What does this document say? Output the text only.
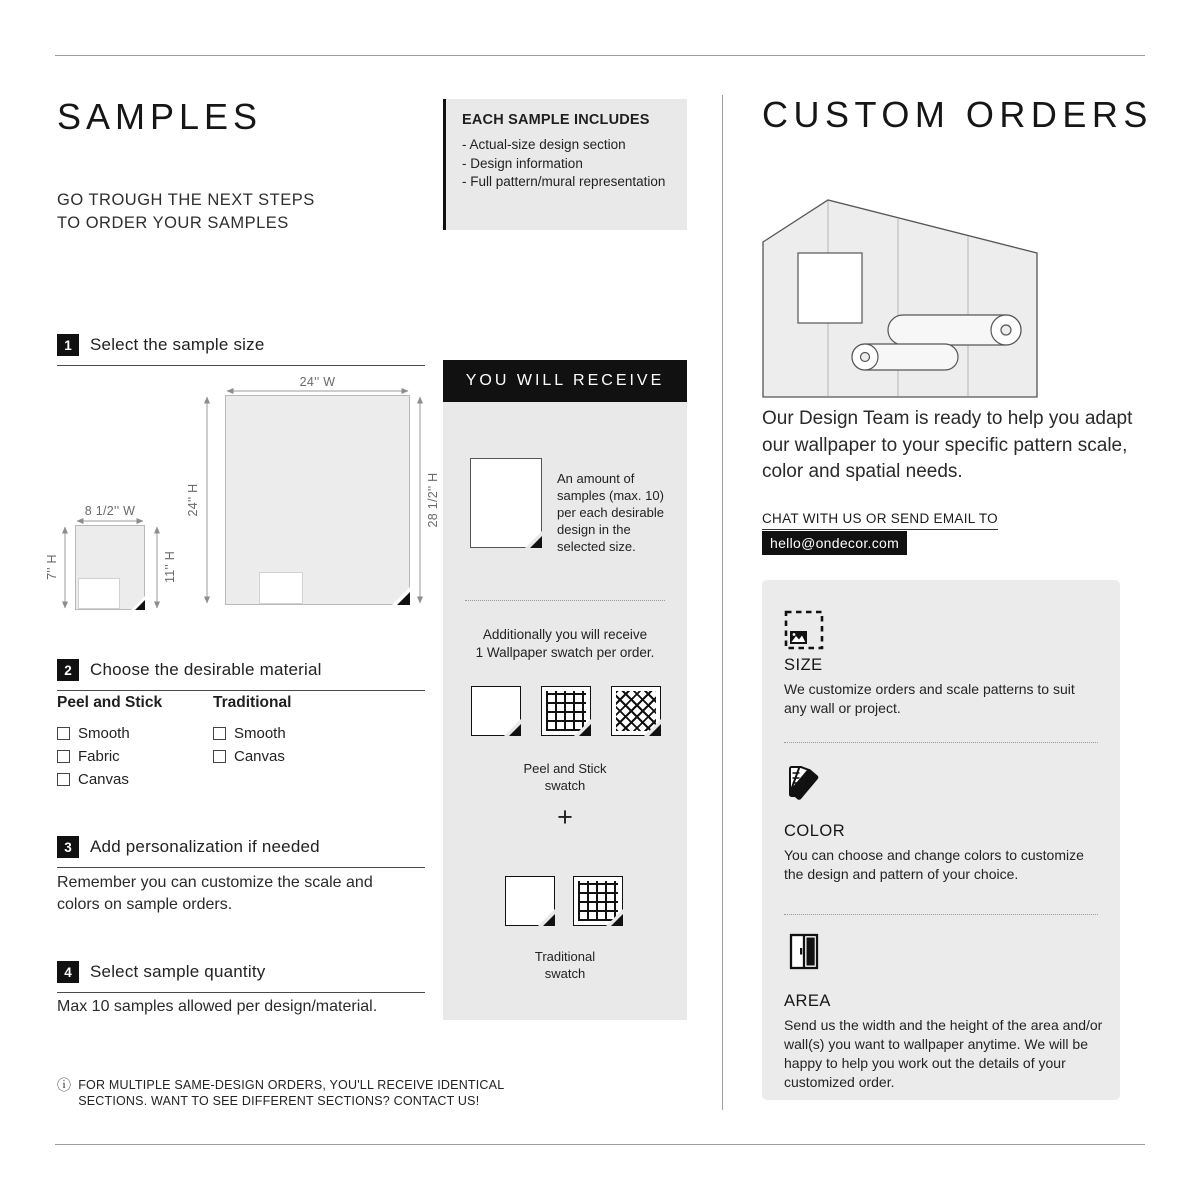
SAMPLES
GO TROUGH THE NEXT STEPS
TO ORDER YOUR SAMPLES
EACH SAMPLE INCLUDES
- Actual-size design section
- Design information
- Full pattern/mural representation
1	Select the sample size
24'' W
24'' H	28 1/2'' H
8 1/2'' W
7'' H	11'' H
2	Choose the desirable material
Peel and Stick
Smooth
Fabric
Canvas
Traditional
Smooth
Canvas
3	Add personalization if needed
Remember you can customize the scale and colors on sample orders.
4	Select sample quantity
Max 10 samples allowed per design/material.
ⓘ FOR MULTIPLE SAME-DESIGN ORDERS, YOU'LL RECEIVE IDENTICAL SECTIONS. WANT TO SEE DIFFERENT SECTIONS? CONTACT US!
YOU WILL RECEIVE
An amount of samples (max. 10) per each desirable design in the selected size.
Additionally you will receive
1 Wallpaper swatch per order.
Peel and Stick
swatch
+
Traditional
swatch
CUSTOM ORDERS
Our Design Team is ready to help you adapt our wallpaper to your specific pattern scale, color and spatial needs.
CHAT WITH US OR SEND EMAIL TO
hello@ondecor.com
SIZE
We customize orders and scale patterns to suit any wall or project.
COLOR
You can choose and change colors to customize the design and pattern of your choice.
AREA
Send us the width and the height of the area and/or wall(s) you want to wallpaper anytime. We will be happy to help you work out the details of your customized order.
